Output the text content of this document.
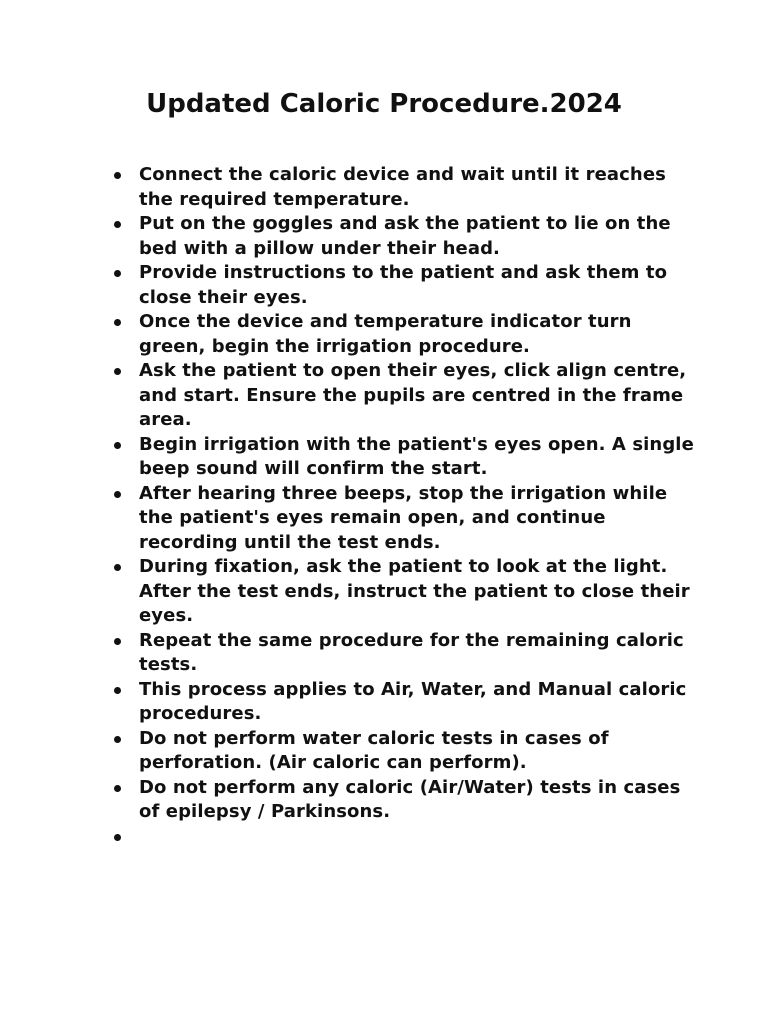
Updated Caloric Procedure.2024
Connect the caloric device and wait until it reaches the required temperature.
Put on the goggles and ask the patient to lie on the bed with a pillow under their head.
Provide instructions to the patient and ask them to close their eyes.
Once the device and temperature indicator turn green, begin the irrigation procedure.
Ask the patient to open their eyes, click align centre, and start. Ensure the pupils are centred in the frame area.
Begin irrigation with the patient's eyes open. A single beep sound will confirm the start.
After hearing three beeps, stop the irrigation while the patient's eyes remain open, and continue recording until the test ends.
During fixation, ask the patient to look at the light. After the test ends, instruct the patient to close their eyes.
Repeat the same procedure for the remaining caloric tests.
This process applies to Air, Water, and Manual caloric procedures.
Do not perform water caloric tests in cases of perforation. (Air caloric can perform).
Do not perform any caloric (Air/Water) tests in cases of epilepsy / Parkinsons.
